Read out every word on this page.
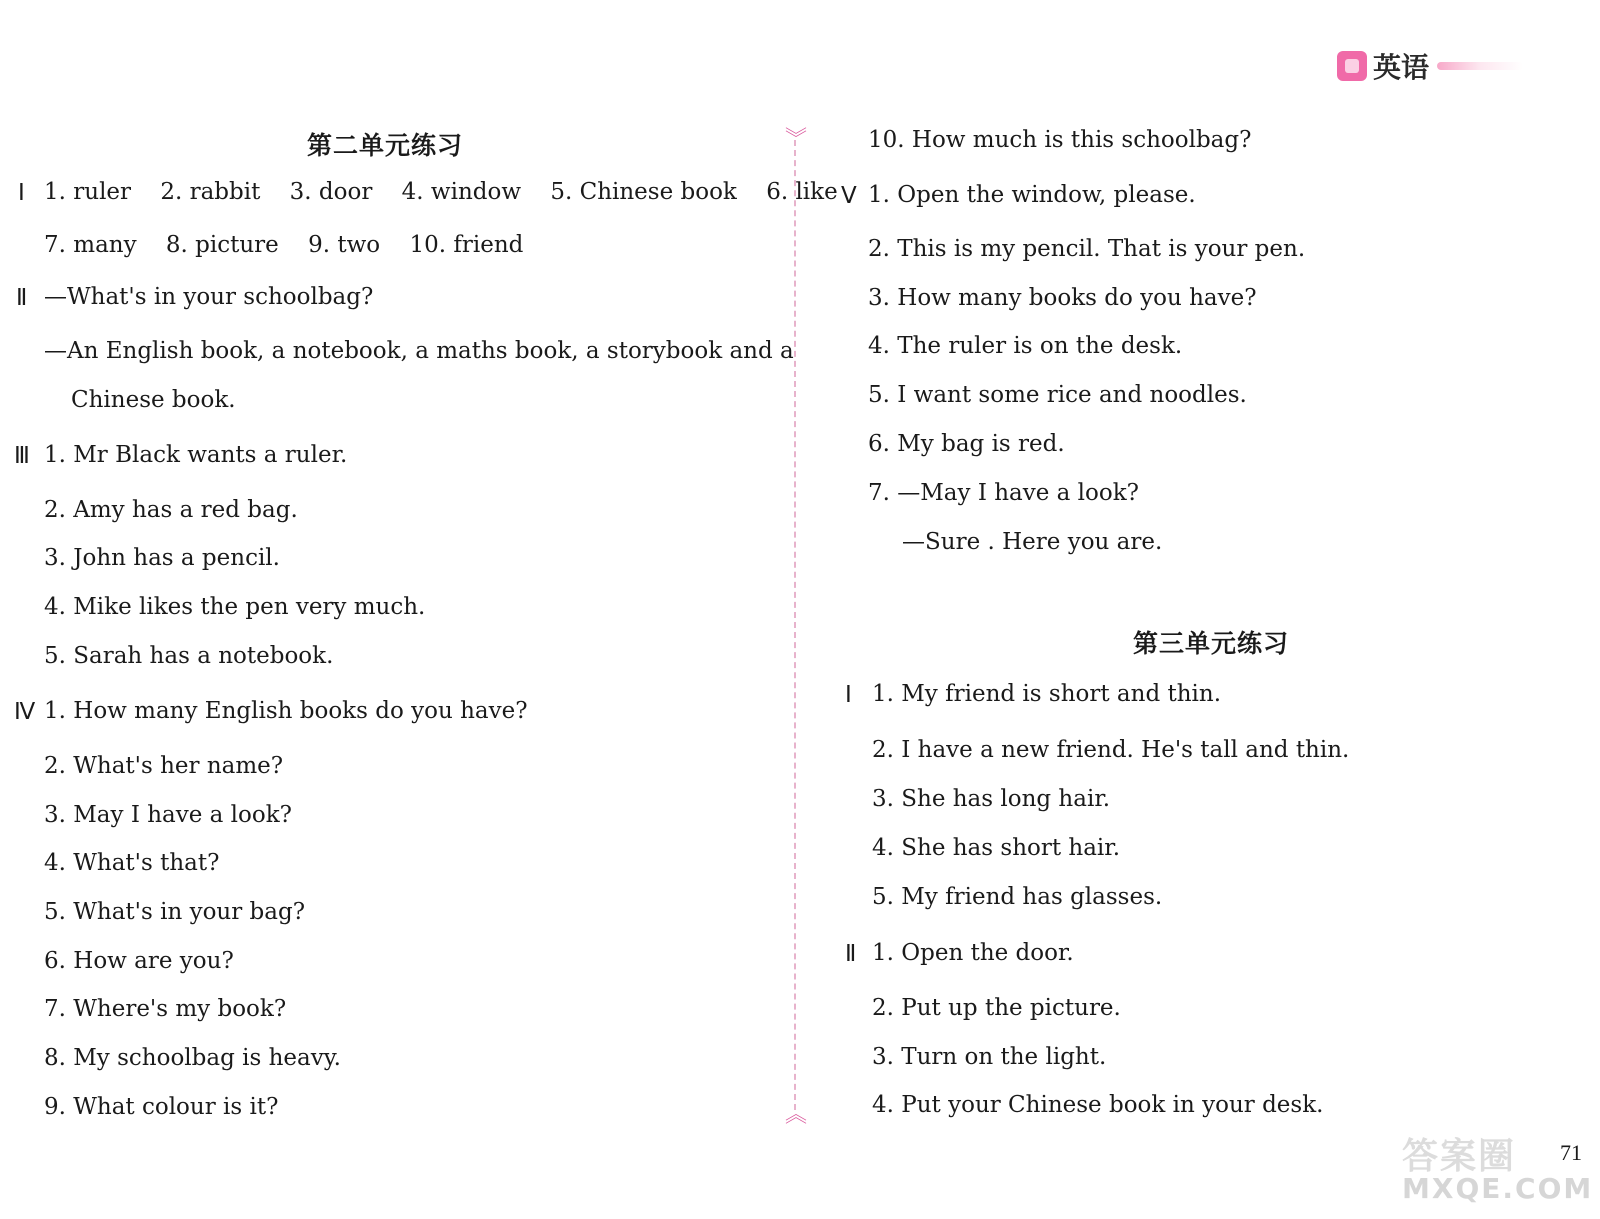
英语
︾
︽
第二单元练习
Ⅰ 1. ruler 2. rabbit 3. door 4. window 5. Chinese book 6. like
7. many 8. picture 9. two 10. friend
Ⅱ —What's in your schoolbag?
—An English book, a notebook, a maths book, a storybook and a
Chinese book.
Ⅲ 1. Mr Black wants a ruler.
2. Amy has a red bag.
3. John has a pencil.
4. Mike likes the pen very much.
5. Sarah has a notebook.
Ⅳ 1. How many English books do you have?
2. What's her name?
3. May I have a look?
4. What's that?
5. What's in your bag?
6. How are you?
7. Where's my book?
8. My schoolbag is heavy.
9. What colour is it?
10. How much is this schoolbag?
Ⅴ 1. Open the window, please.
2. This is my pencil. That is your pen.
3. How many books do you have?
4. The ruler is on the desk.
5. I want some rice and noodles.
6. My bag is red.
7. —May I have a look?
—Sure . Here you are.
第三单元练习
Ⅰ 1. My friend is short and thin.
2. I have a new friend. He's tall and thin.
3. She has long hair.
4. She has short hair.
5. My friend has glasses.
Ⅱ 1. Open the door.
2. Put up the picture.
3. Turn on the light.
4. Put your Chinese book in your desk.
答案圈
MXQE.COM
71
